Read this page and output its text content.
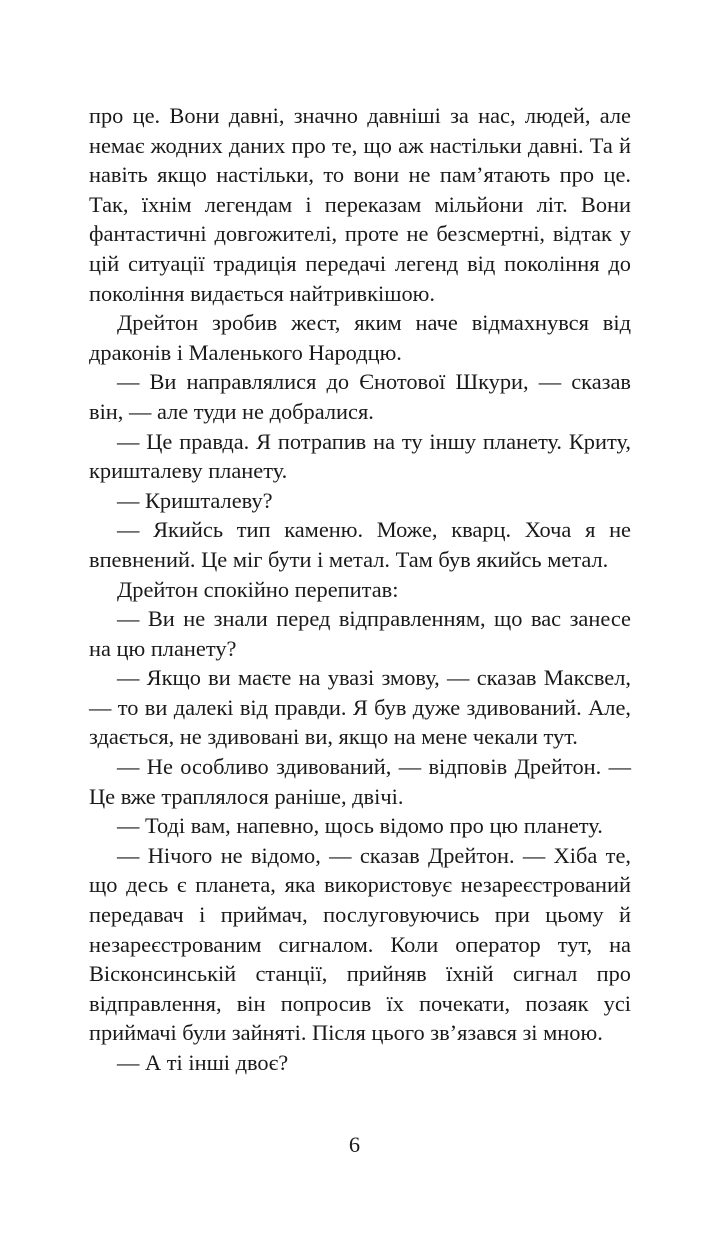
про це. Вони давні, значно давніші за нас, людей, але немає жодних даних про те, що аж настільки давні. Та й навіть якщо настільки, то вони не пам’ятають про це. Так, їхнім легендам і переказам мільйони літ. Вони фантастичні довгожителі, проте не безсмертні, відтак у цій ситуації традиція передачі легенд від покоління до покоління видається найтривкішою.

Дрейтон зробив жест, яким наче відмахнувся від драконів і Маленького Народцю.

— Ви направлялися до Єнотової Шкури, — сказав він, — але туди не добралися.

— Це правда. Я потрапив на ту іншу планету. Криту, кришталеву планету.

— Кришталеву?

— Якийсь тип каменю. Може, кварц. Хоча я не впевнений. Це міг бути і метал. Там був якийсь метал.

Дрейтон спокійно перепитав:

— Ви не знали перед відправленням, що вас занесе на цю планету?

— Якщо ви маєте на увазі змову, — сказав Максвел, — то ви далекі від правди. Я був дуже здивований. Але, здається, не здивовані ви, якщо на мене чекали тут.

— Не особливо здивований, — відповів Дрейтон. — Це вже траплялося раніше, двічі.

— Тоді вам, напевно, щось відомо про цю планету.

— Нічого не відомо, — сказав Дрейтон. — Хіба те, що десь є планета, яка використовує незареєстрований передавач і приймач, послуговуючись при цьому й незареєстрованим сигналом. Коли оператор тут, на Вісконсинській станції, прийняв їхній сигнал про відправлення, він попросив їх почекати, позаяк усі приймачі були зайняті. Після цього зв’язався зі мною.

— А ті інші двоє?

6
